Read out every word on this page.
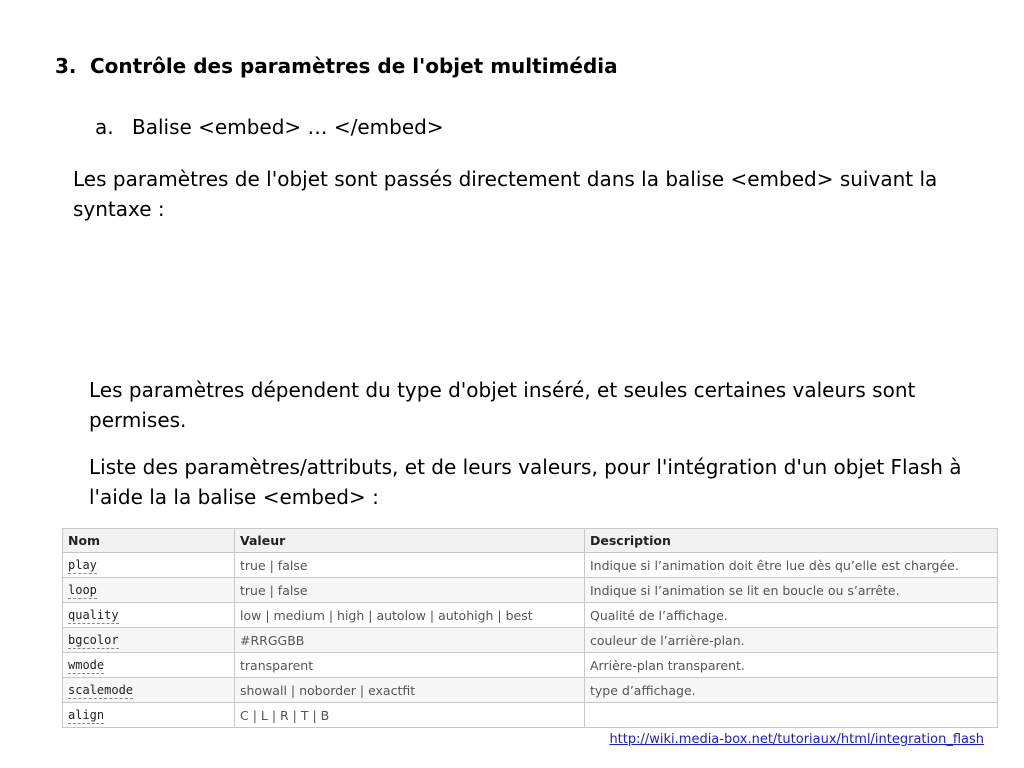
3. Contrôle des paramètres de l'objet multimédia
a. Balise <embed> … </embed>
Les paramètres de l'objet sont passés directement dans la balise <embed> suivant la syntaxe :
Les paramètres dépendent du type d'objet inséré, et seules certaines valeurs sont permises.
Liste des paramètres/attributs, et de leurs valeurs, pour l'intégration d'un objet Flash à l'aide la la balise <embed> :
Nom	Valeur	Description
play	true | false	Indique si l’animation doit être lue dès qu’elle est chargée.
loop	true | false	Indique si l’animation se lit en boucle ou s’arrête.
quality	low | medium | high | autolow | autohigh | best	Qualité de l’affichage.
bgcolor	#RRGGBB	couleur de l’arrière-plan.
wmode	transparent	Arrière-plan transparent.
scalemode	showall | noborder | exactfit	type d’affichage.
align	C | L | R | T | B	
http://wiki.media-box.net/tutoriaux/html/integration_flash
